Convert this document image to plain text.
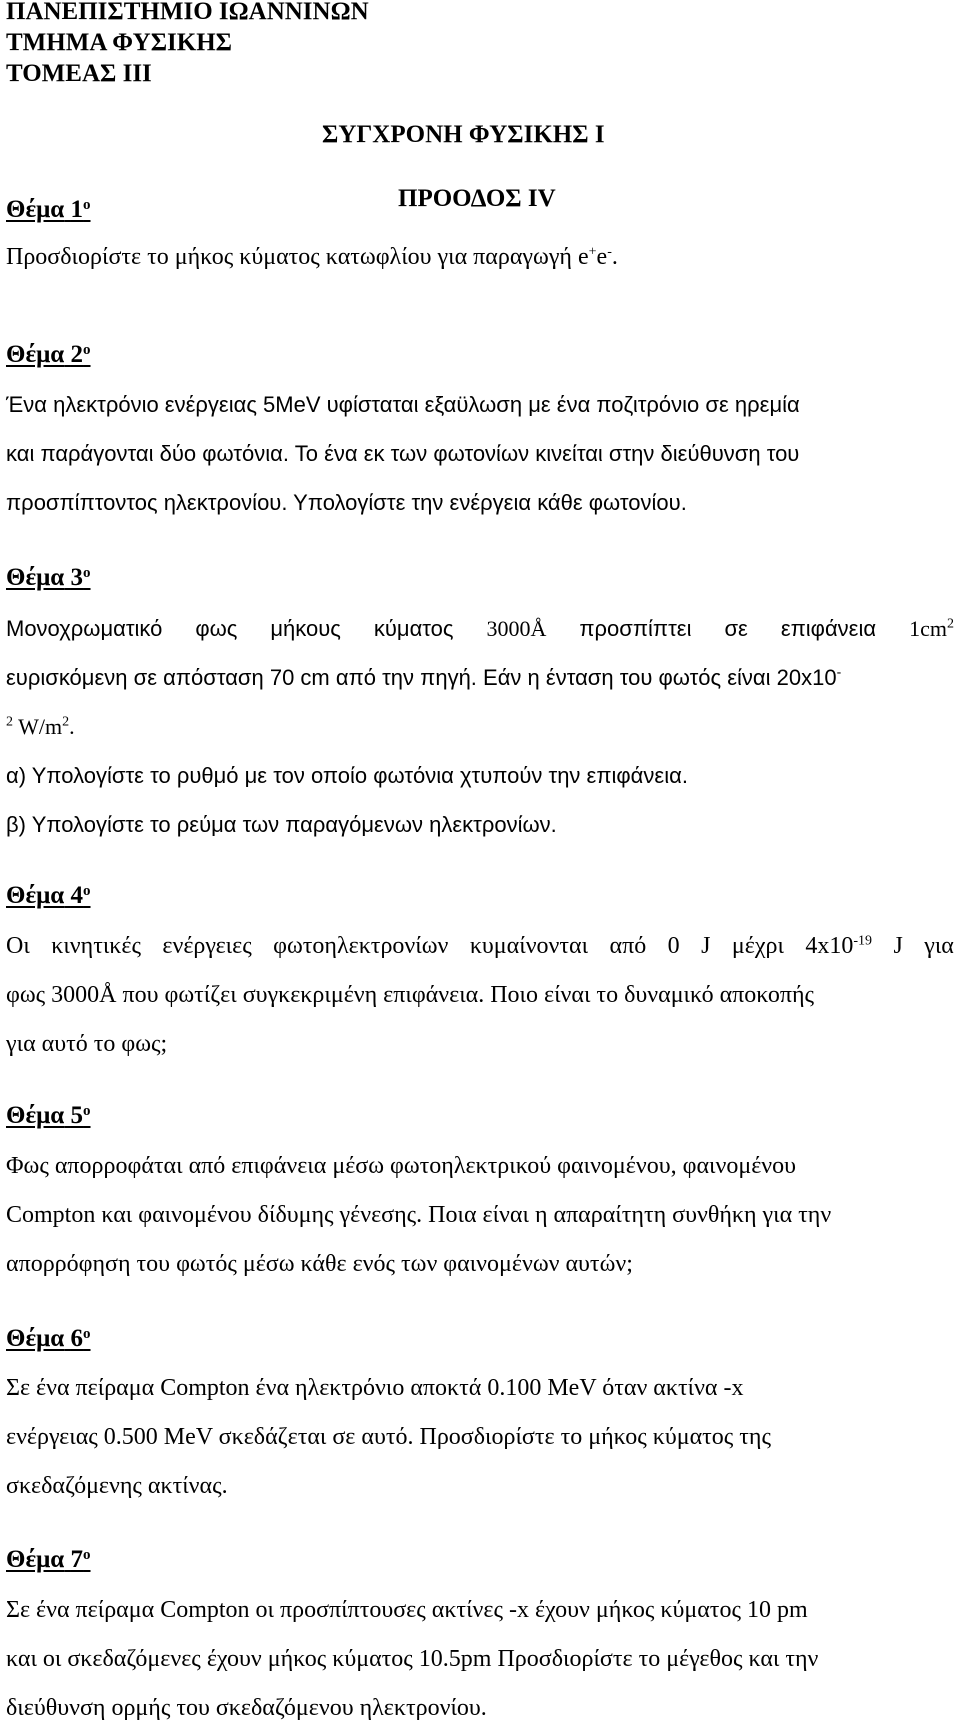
ΠΑΝΕΠΙΣΤΗΜΙΟ ΙΩΑΝΝΙΝΩΝ
ΤΜΗΜΑ ΦΥΣΙΚΗΣ
ΤΟΜΕΑΣ ΙΙΙ
ΣΥΓΧΡΟΝΗ ΦΥΣΙΚΗΣ Ι
ΠΡΟΟΔΟΣ IV
Θέμα $1^o$
Προσδιορίστε το μήκος κύματος κατωφλίου για παραγωγή e+e-.
Θέμα $2^o$
Ένα ηλεκτρόνιο ενέργειας 5MeV υφίσταται εξαϋλωση με ένα ποζιτρόνιο σε ηρεμία
και παράγονται δύο φωτόνια. Το ένα εκ των φωτονίων κινείται στην διεύθυνση του
προσπίπτοντος ηλεκτρονίου. Υπολογίστε την ενέργεια κάθε φωτονίου.
Θέμα $3^o$
Μονοχρωματικό φως μήκους κύματος 3000Å προσπίπτει σε επιφάνεια $1cm^2$
ευρισκόμενη σε απόσταση 70 cm από την πηγή. Εάν η ένταση του φωτός είναι 20x10-
$^2$ $W/m^2$.
α) Υπολογίστε το ρυθμό με τον οποίο φωτόνια χτυπούν την επιφάνεια.
β) Υπολογίστε το ρεύμα των παραγόμενων ηλεκτρονίων.
Θέμα $4^o$
Οι κινητικές ενέργειες φωτοηλεκτρονίων κυμαίνονται από 0 J μέχρι $4x10^{-19}$ J για
φως 3000Å που φωτίζει συγκεκριμένη επιφάνεια. Ποιο είναι το δυναμικό αποκοπής
για αυτό το φως;
Θέμα $5^o$
Φως απορροφάται από επιφάνεια μέσω φωτοηλεκτρικού φαινομένου, φαινομένου
Compton και φαινομένου δίδυμης γένεσης. Ποια είναι η απαραίτητη συνθήκη για την
απορρόφηση του φωτός μέσω κάθε ενός των φαινομένων αυτών;
Θέμα $6^o$
Σε ένα πείραμα Compton ένα ηλεκτρόνιο αποκτά 0.100 MeV όταν ακτίνα -x
ενέργειας 0.500 MeV σκεδάζεται σε αυτό. Προσδιορίστε το μήκος κύματος της
σκεδαζόμενης ακτίνας.
Θέμα $7^o$
Σε ένα πείραμα Compton οι προσπίπτουσες ακτίνες -x έχουν μήκος κύματος 10 pm
και οι σκεδαζόμενες έχουν μήκος κύματος 10.5pm Προσδιορίστε το μέγεθος και την
διεύθυνση ορμής του σκεδαζόμενου ηλεκτρονίου.
